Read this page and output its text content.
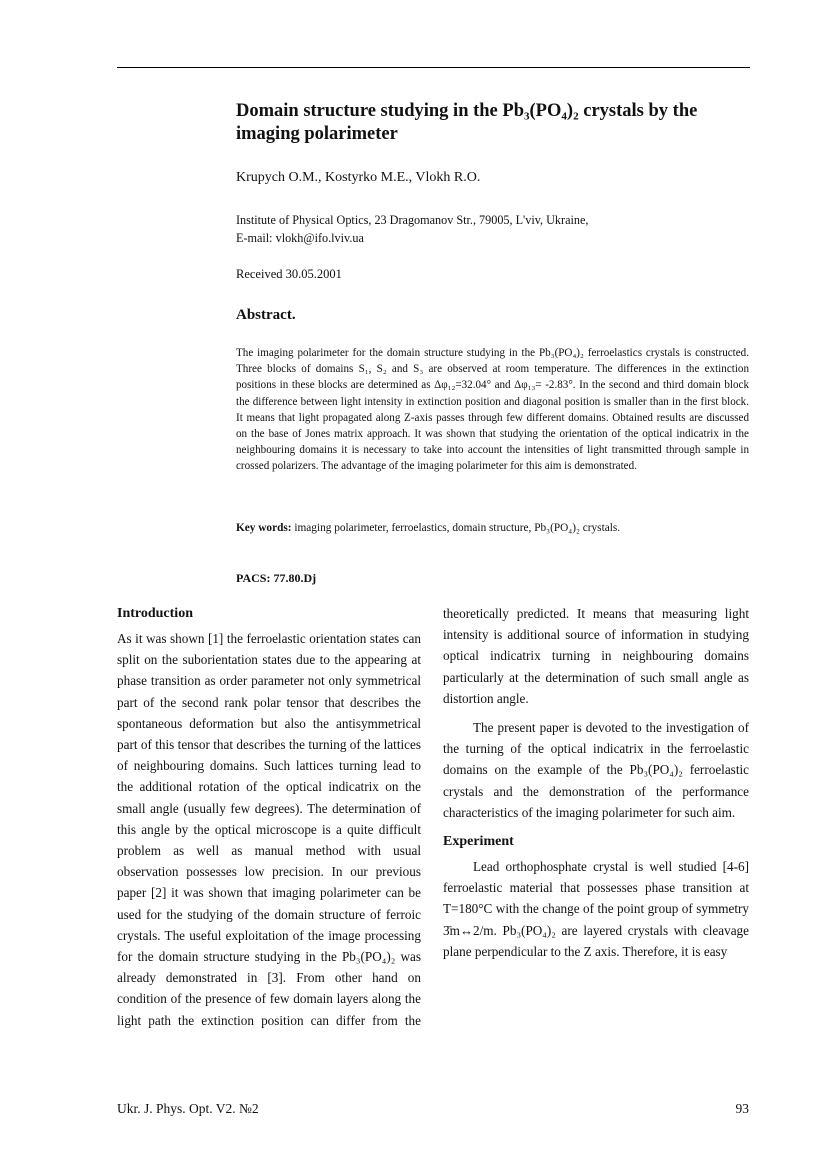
Domain structure studying in the Pb₃(PO₄)₂ crystals by the imaging polarimeter
Krupych O.M., Kostyrko M.E., Vlokh R.O.
Institute of Physical Optics, 23 Dragomanov Str., 79005, L'viv, Ukraine,
E-mail: vlokh@ifo.lviv.ua
Received 30.05.2001
Abstract.

The imaging polarimeter for the domain structure studying in the Pb₃(PO₄)₂ ferroelastics crystals is constructed. Three blocks of domains S₁, S₂ and S₃ are observed at room temperature. The differences in the extinction positions in these blocks are determined as Δφ₁₂=32.04° and Δφ₁₃= -2.83°. In the second and third domain block the difference between light intensity in extinction position and diagonal position is smaller than in the first block. It means that light propagated along Z-axis passes through few different domains. Obtained results are discussed on the base of Jones matrix approach. It was shown that studying the orientation of the optical indicatrix in the neighbouring domains it is necessary to take into account the intensities of light transmitted through sample in crossed polarizers. The advantage of the imaging polarimeter for this aim is demonstrated.

Key words: imaging polarimeter, ferroelastics, domain structure, Pb₃(PO₄)₂ crystals.
PACS: 77.80.Dj
Introduction

As it was shown [1] the ferroelastic orientation states can split on the suborientation states due to the appearing at phase transition as order parameter not only symmetrical part of the second rank polar tensor that describes the spontaneous deformation but also the antisymmetrical part of this tensor that describes the turning of the lattices of neighbouring domains. Such lattices turning lead to the additional rotation of the optical indicatrix on the small angle (usually few degrees). The determination of this angle by the optical microscope is a quite difficult problem as well as manual method with usual observation possesses low precision. In our previous paper [2] it was shown that imaging polarimeter can be used for the studying of the domain structure of ferroic crystals. The useful exploitation of the image processing for the domain structure studying in the Pb₃(PO₄)₂ was already demonstrated in [3]. From other hand on condition of the presence of few domain layers along the light path the extinction position can differ from the

theoretically predicted. It means that measuring light intensity is additional source of information in studying optical indicatrix turning in neighbouring domains particularly at the determination of such small angle as distortion angle.

The present paper is devoted to the investigation of the turning of the optical indicatrix in the ferroelastic domains on the example of the Pb₃(PO₄)₂ ferroelastic crystals and the demonstration of the performance characteristics of the imaging polarimeter for such aim.

Experiment

Lead orthophosphate crystal is well studied [4-6] ferroelastic material that possesses phase transition at T=180°C with the change of the point group of symmetry 3̄m↔2/m. Pb₃(PO₄)₂ are layered crystals with cleavage plane perpendicular to the Z axis. Therefore, it is easy

Ukr. J. Phys. Opt. V2. №2	93
